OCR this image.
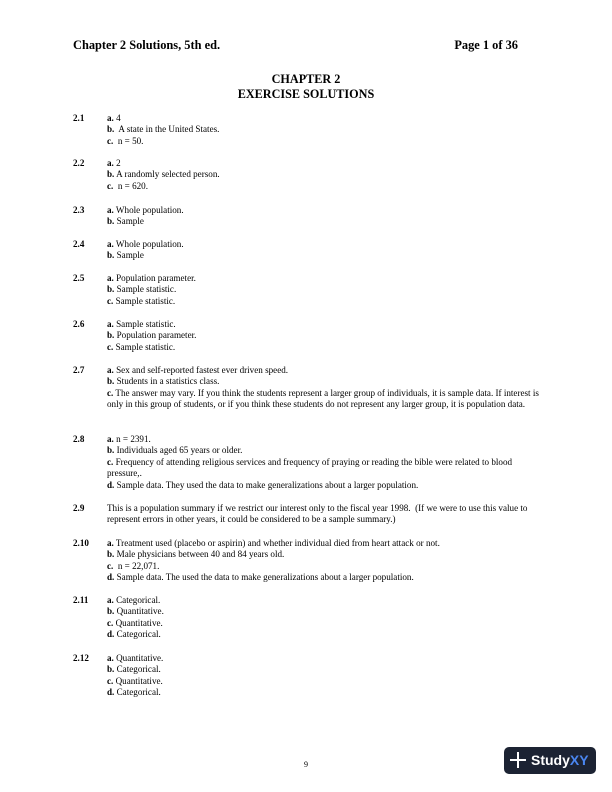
Chapter 2 Solutions, 5th ed.	Page 1 of 36
CHAPTER 2
EXERCISE SOLUTIONS
2.1 a. 4
b.  A state in the United States.
c.  n = 50.
2.2 a. 2
b. A randomly selected person.
c.  n = 620.
2.3 a. Whole population.
b. Sample
2.4 a. Whole population.
b. Sample
2.5 a. Population parameter.
b. Sample statistic.
c. Sample statistic.
2.6 a. Sample statistic.
b. Population parameter.
c. Sample statistic.
2.7 a. Sex and self-reported fastest ever driven speed.
b. Students in a statistics class.
c. The answer may vary. If you think the students represent a larger group of individuals, it is sample data. If interest is only in this group of students, or if you think these students do not represent any larger group, it is population data.
2.8 a. n = 2391.
b. Individuals aged 65 years or older.
c. Frequency of attending religious services and frequency of praying or reading the bible were related to blood pressure,.
d. Sample data. They used the data to make generalizations about a larger population.
2.9 This is a population summary if we restrict our interest only to the fiscal year 1998.  (If we were to use this value to represent errors in other years, it could be considered to be a sample summary.)
2.10 a. Treatment used (placebo or aspirin) and whether individual died from heart attack or not.
b. Male physicians between 40 and 84 years old.
c.  n = 22,071.
d. Sample data. The used the data to make generalizations about a larger population.
2.11 a. Categorical.
b. Quantitative.
c. Quantitative.
d. Categorical.
2.12 a. Quantitative.
b. Categorical.
c. Quantitative.
d. Categorical.
9	StudyXY
